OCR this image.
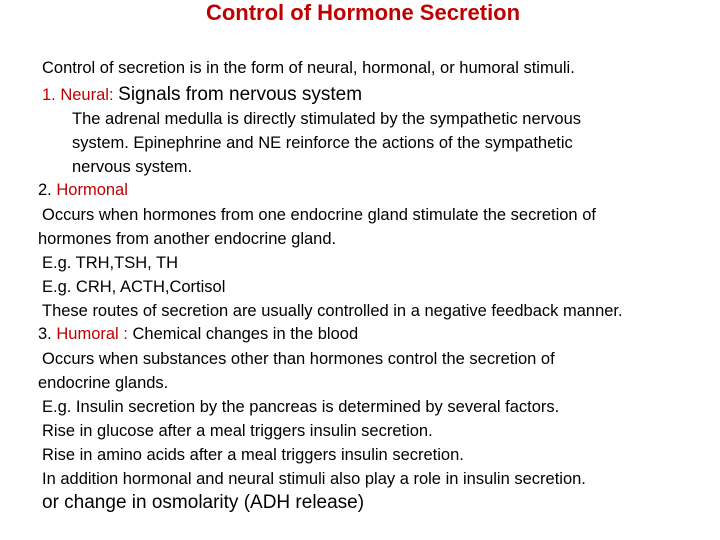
Control of Hormone Secretion
Control of secretion is in the form of neural, hormonal, or humoral stimuli.
1. Neural: Signals from nervous system
The adrenal medulla is directly stimulated by the sympathetic nervous
system. Epinephrine and NE reinforce the actions of the sympathetic
nervous system.
2. Hormonal
Occurs when hormones from one endocrine gland stimulate the secretion of
hormones from another endocrine gland.
E.g. TRH,TSH, TH
E.g. CRH, ACTH,Cortisol
These routes of secretion are usually controlled in a negative feedback manner.
3. Humoral : Chemical changes in the blood
Occurs when substances other than hormones control the secretion of
endocrine glands.
E.g. Insulin secretion by the pancreas is determined by several factors.
Rise in glucose after a meal triggers insulin secretion.
Rise in amino acids after a meal triggers insulin secretion.
In addition hormonal and neural stimuli also play a role in insulin secretion.
or change in osmolarity (ADH release)
